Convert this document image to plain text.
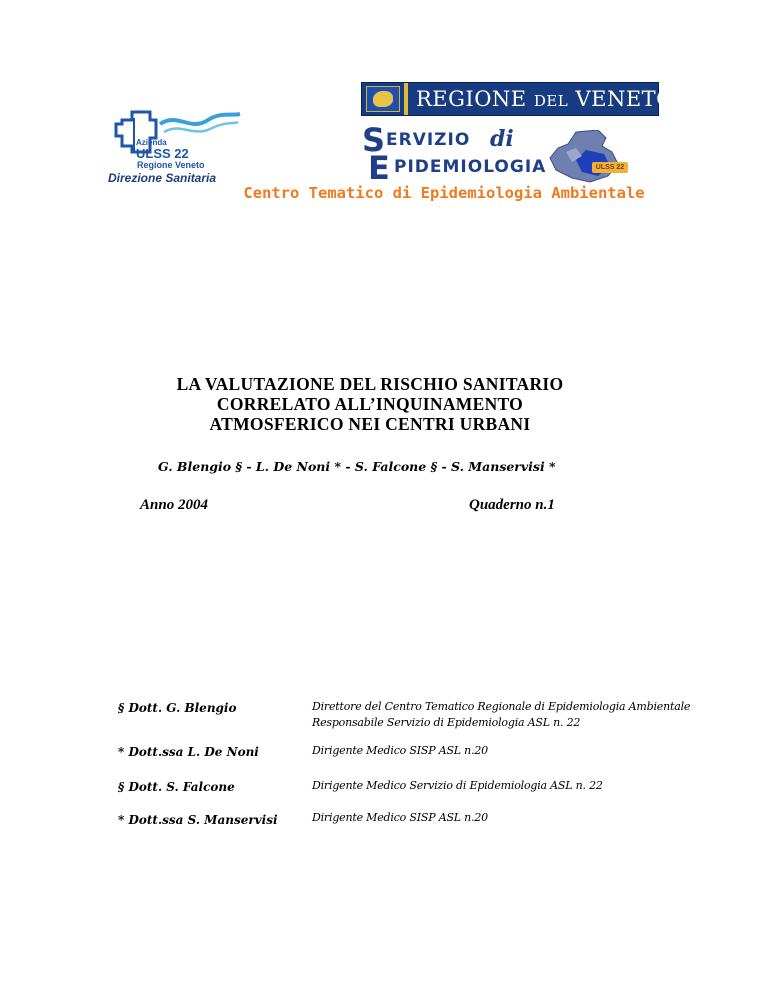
Azienda
ULSS 22
Regione Veneto
Direzione Sanitaria
REGIONE DEL VENETO
S ERVIZIO di
E PIDEMIOLOGIA	ULSS 22
Centro Tematico di Epidemiologia Ambientale
LA VALUTAZIONE DEL RISCHIO SANITARIO
CORRELATO ALL’INQUINAMENTO
ATMOSFERICO NEI CENTRI URBANI
G. Blengio § - L. De Noni * - S. Falcone § - S. Manservisi *
Anno 2004	Quaderno n.1
§ Dott. G. Blengio	Direttore del Centro Tematico Regionale di Epidemiologia Ambientale
Responsabile Servizio di Epidemiologia ASL n. 22
* Dott.ssa L. De Noni	Dirigente Medico SISP ASL n.20
§ Dott. S. Falcone	Dirigente Medico Servizio di Epidemiologia ASL n. 22
* Dott.ssa S. Manservisi	Dirigente Medico SISP ASL n.20
